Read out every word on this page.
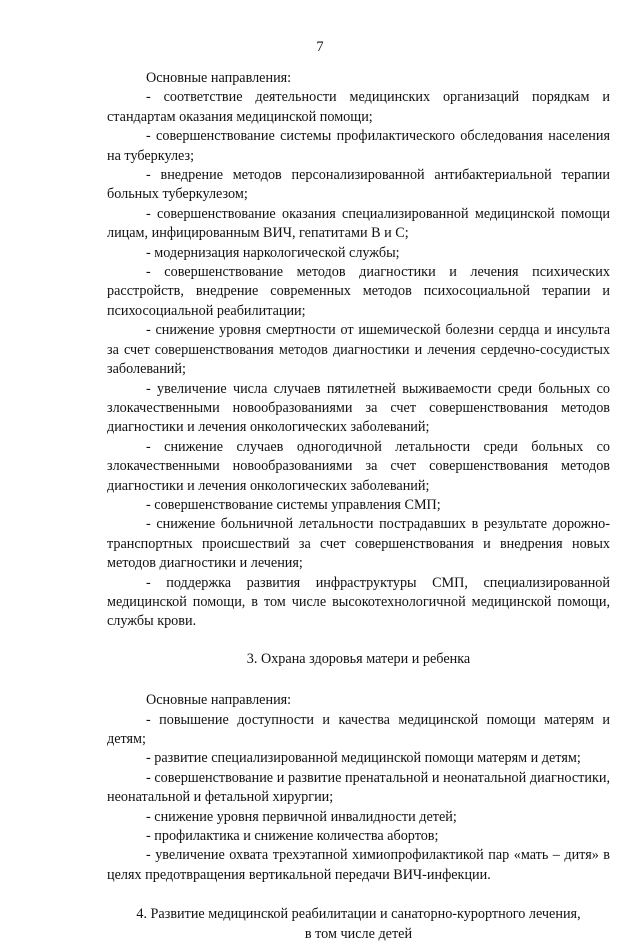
7

Основные направления:

- соответствие деятельности медицинских организаций порядкам и стандартам оказания медицинской помощи;

- совершенствование системы профилактического обследования населения на туберкулез;

- внедрение методов персонализированной антибактериальной терапии больных туберкулезом;

- совершенствование оказания специализированной медицинской помощи лицам, инфицированным ВИЧ, гепатитами В и С;

- модернизация наркологической службы;

- совершенствование методов диагностики и лечения психических расстройств, внедрение современных методов психосоциальной терапии и психосоциальной реабилитации;

- снижение уровня смертности от ишемической болезни сердца и инсульта за счет совершенствования методов диагностики и лечения сердечно-сосудистых заболеваний;

- увеличение числа случаев пятилетней выживаемости среди больных со злокачественными новообразованиями за счет совершенствования методов диагностики и лечения онкологических заболеваний;

- снижение случаев одногодичной летальности среди больных со злокачественными новообразованиями за счет совершенствования методов диагностики и лечения онкологических заболеваний;

- совершенствование системы управления СМП;

- снижение больничной летальности пострадавших в результате дорожно-транспортных происшествий за счет совершенствования и внедрения новых методов диагностики и лечения;

- поддержка развития инфраструктуры СМП, специализированной медицинской помощи, в том числе высокотехнологичной медицинской помощи, службы крови.

3. Охрана здоровья матери и ребенка

Основные направления:

- повышение доступности и качества медицинской помощи матерям и детям;

- развитие специализированной медицинской помощи матерям и детям;

- совершенствование и развитие пренатальной и неонатальной диагностики, неонатальной и фетальной хирургии;

- снижение уровня первичной инвалидности детей;

- профилактика и снижение количества абортов;

- увеличение охвата трехэтапной химиопрофилактикой пар «мать – дитя» в целях предотвращения вертикальной передачи ВИЧ-инфекции.

4. Развитие медицинской реабилитации и санаторно-курортного лечения,

в том числе детей
